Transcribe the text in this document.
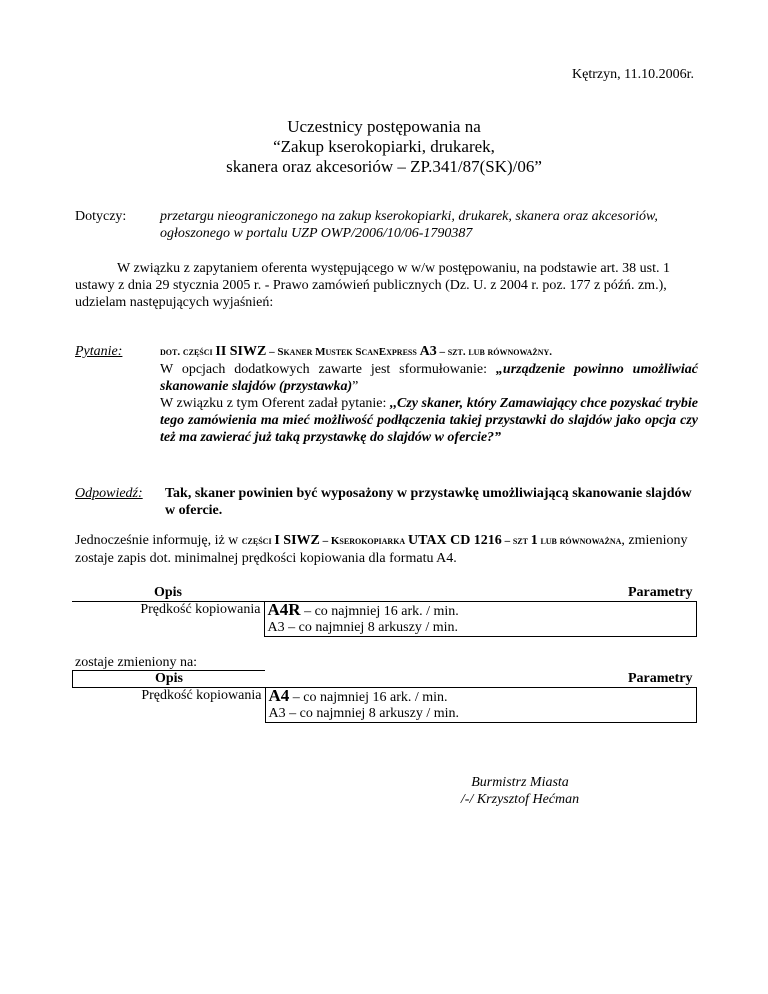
Kętrzyn, 11.10.2006r.
Uczestnicy postępowania na
“Zakup kserokopiarki, drukarek,
skanera oraz akcesoriów – ZP.341/87(SK)/06”
Dotyczy: przetargu nieograniczonego na zakup kserokopiarki, drukarek, skanera oraz akcesoriów, ogłoszonego w portalu UZP OWP/2006/10/06-1790387
W związku z zapytaniem oferenta występującego w w/w postępowaniu, na podstawie art. 38 ust. 1 ustawy z dnia 29 stycznia 2005 r. - Prawo zamówień publicznych (Dz. U. z 2004 r. poz. 177 z późń. zm.), udzielam następujących wyjaśnień:
Pytanie:	dot. części II SIWZ – Skaner Mustek ScanExpress A3 – szt. lub równoważny.
W opcjach dodatkowych zawarte jest sformułowanie: „urządzenie powinno umożliwiać skanowanie slajdów (przystawka)”
W związku z tym Oferent zadał pytanie: ,,Czy skaner, który Zamawiający chce pozyskać trybie tego zamówienia ma mieć możliwość podłączenia takiej przystawki do slajdów jako opcja czy też ma zawierać już taką przystawkę do slajdów w ofercie?”
Odpowiedź: Tak, skaner powinien być wyposażony w przystawkę umożliwiającą skanowanie slajdów w ofercie.
Jednocześnie informuję, iż w części I SIWZ – Kserokopiarka UTAX CD 1216 – szt 1 lub równoważna, zmieniony zostaje zapis dot. minimalnej prędkości kopiowania dla formatu A4.
Opis	Parametry
Prędkość kopiowania	A4R – co najmniej 16 ark. / min.
A3 – co najmniej 8 arkuszy / min.
zostaje zmieniony na:
Opis	Parametry
Prędkość kopiowania	A4 – co najmniej 16 ark. / min.
A3 – co najmniej 8 arkuszy / min.
Burmistrz Miasta
/-/ Krzysztof Hećman
